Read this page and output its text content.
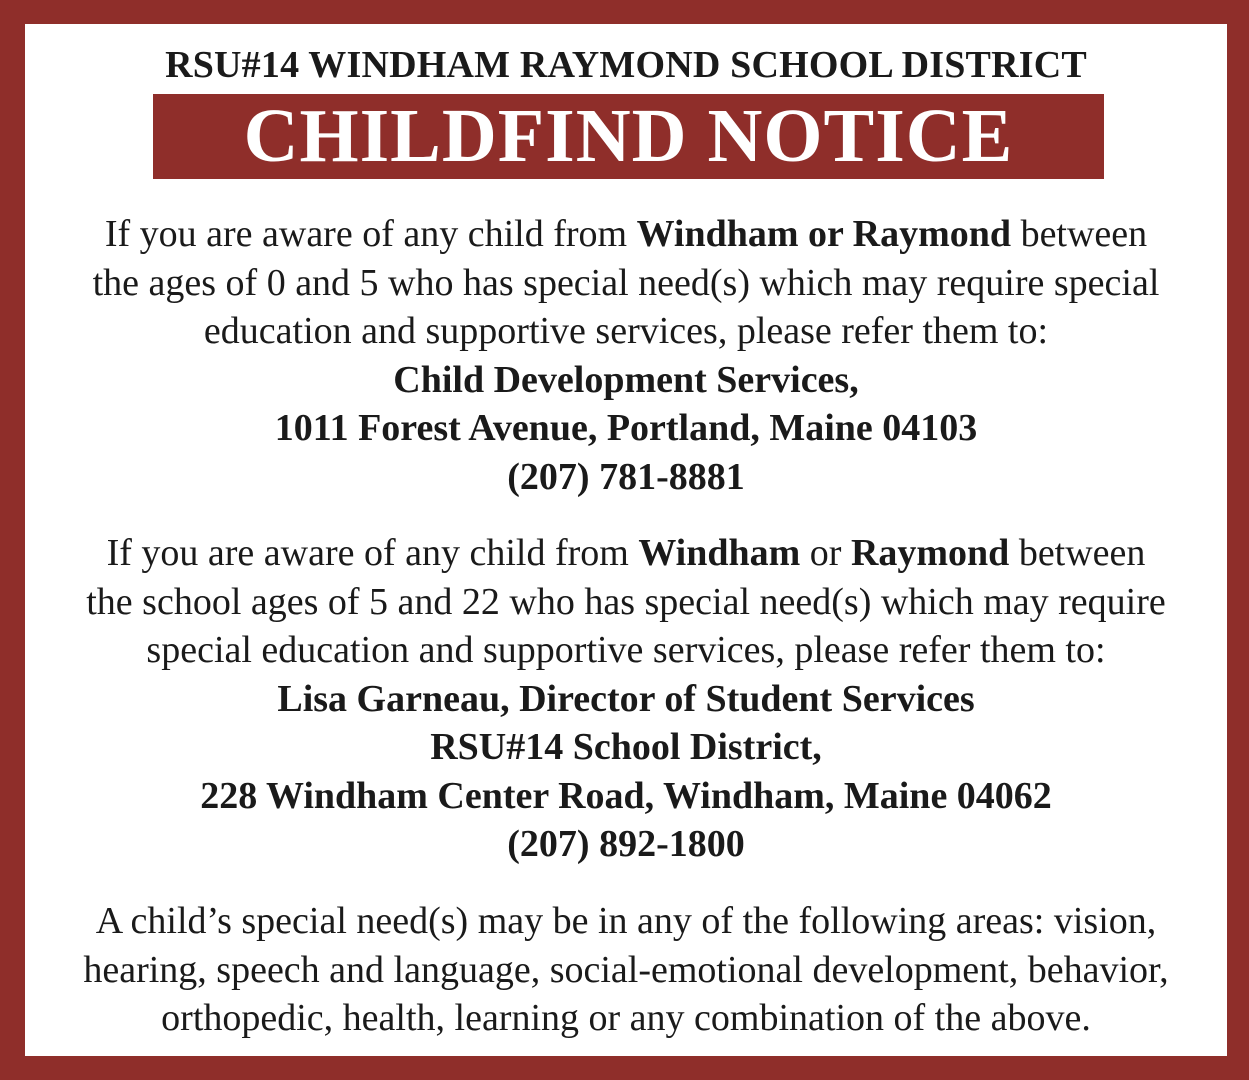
RSU#14 WINDHAM RAYMOND SCHOOL DISTRICT
CHILDFIND NOTICE
If you are aware of any child from Windham or Raymond between
the ages of 0 and 5 who has special need(s) which may require special
education and supportive services, please refer them to:
Child Development Services,
1011 Forest Avenue, Portland, Maine 04103
(207) 781-8881
If you are aware of any child from Windham or Raymond between
the school ages of 5 and 22 who has special need(s) which may require
special education and supportive services, please refer them to:
Lisa Garneau, Director of Student Services
RSU#14 School District,
228 Windham Center Road, Windham, Maine 04062
(207) 892-1800
A child’s special need(s) may be in any of the following areas: vision,
hearing, speech and language, social-emotional development, behavior,
orthopedic, health, learning or any combination of the above.
